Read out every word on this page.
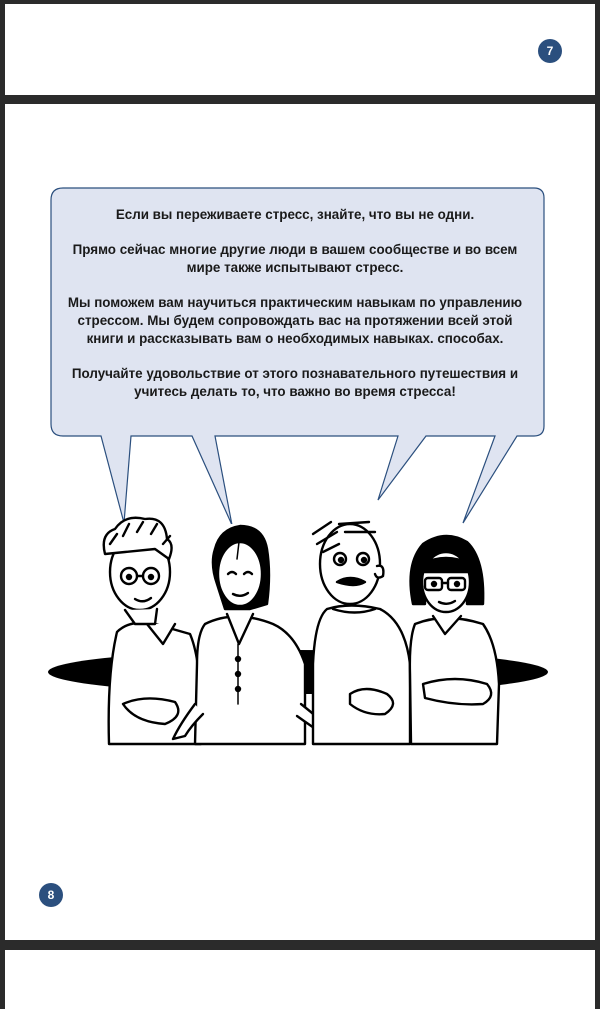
7

Если вы переживаете стресс, знайте, что вы не одни.

Прямо сейчас многие другие люди в вашем сообществе и во всем мире также испытывают стресс.

Мы поможем вам научиться практическим навыкам по управлению стрессом. Мы будем сопровождать вас на протяжении всей этой книги и рассказывать вам о необходимых навыках. способах.

Получайте удовольствие от этого познавательного путешествия и учитесь делать то, что важно во время стресса!

8
